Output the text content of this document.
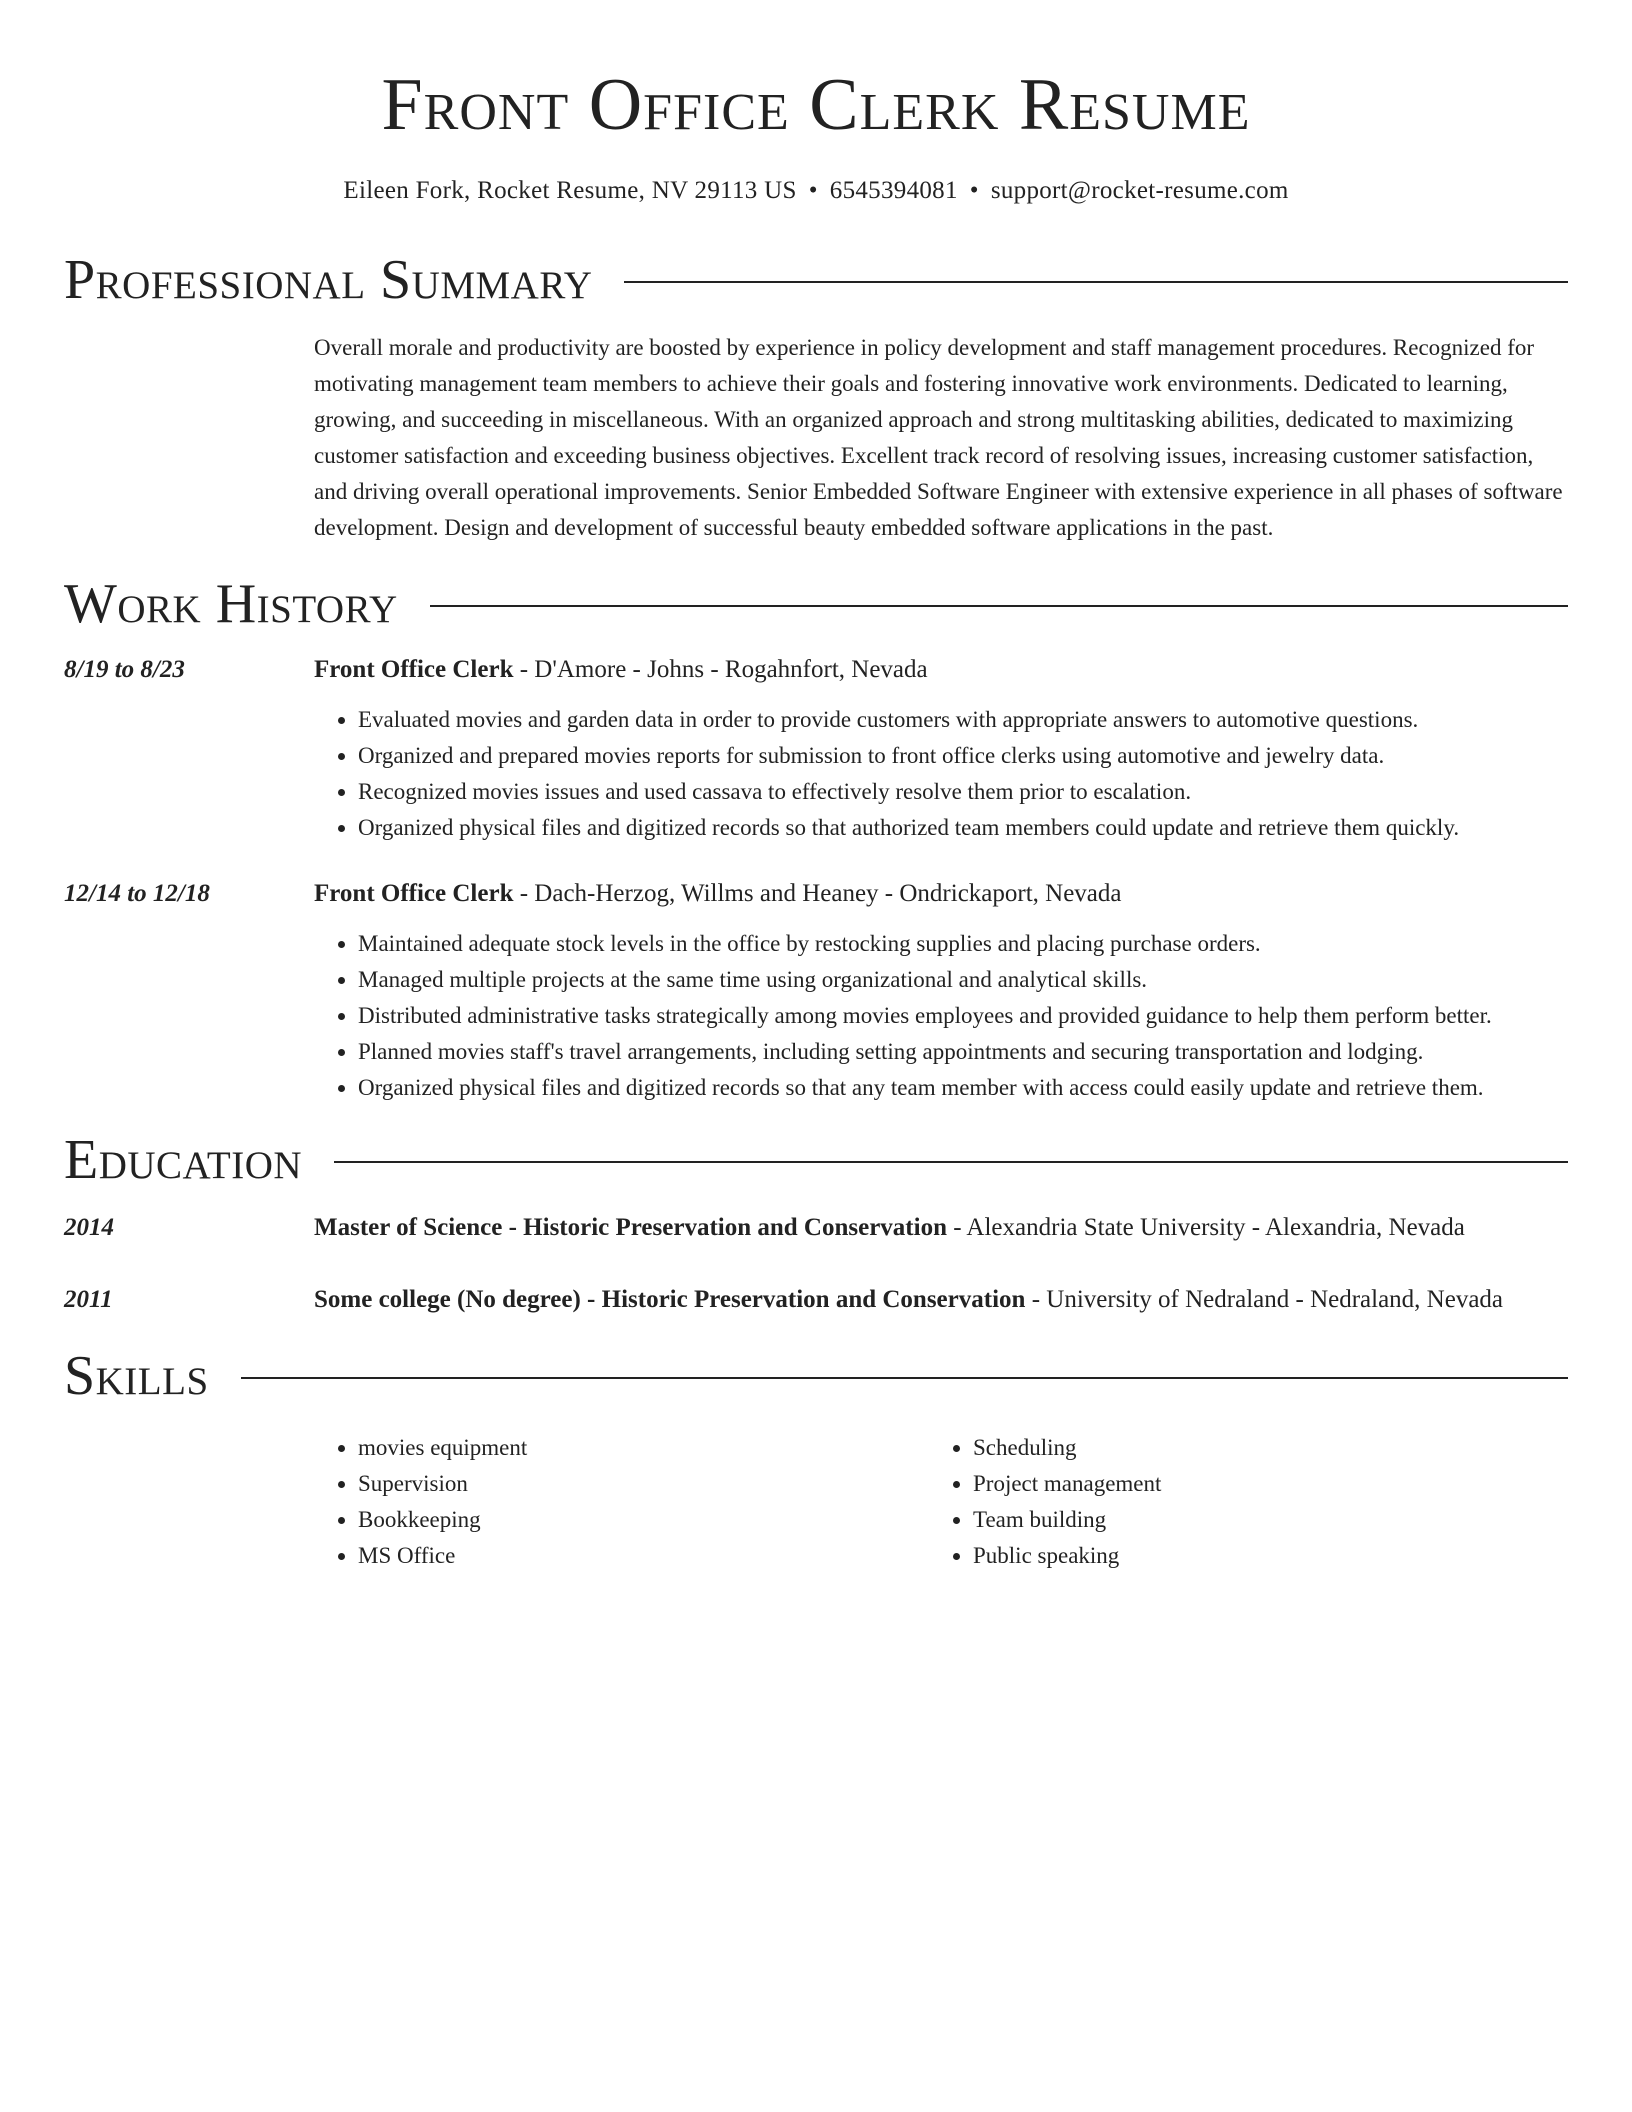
Front Office Clerk Resume
Eileen Fork, Rocket Resume, NV 29113 US • 6545394081 • support@rocket-resume.com
Professional Summary
Overall morale and productivity are boosted by experience in policy development and staff management procedures. Recognized for motivating management team members to achieve their goals and fostering innovative work environments. Dedicated to learning, growing, and succeeding in miscellaneous. With an organized approach and strong multitasking abilities, dedicated to maximizing customer satisfaction and exceeding business objectives. Excellent track record of resolving issues, increasing customer satisfaction, and driving overall operational improvements. Senior Embedded Software Engineer with extensive experience in all phases of software development. Design and development of successful beauty embedded software applications in the past.
Work History
8/19 to 8/23	Front Office Clerk - D'Amore - Johns - Rogahnfort, Nevada
• Evaluated movies and garden data in order to provide customers with appropriate answers to automotive questions.
• Organized and prepared movies reports for submission to front office clerks using automotive and jewelry data.
• Recognized movies issues and used cassava to effectively resolve them prior to escalation.
• Organized physical files and digitized records so that authorized team members could update and retrieve them quickly.
12/14 to 12/18	Front Office Clerk - Dach-Herzog, Willms and Heaney - Ondrickaport, Nevada
• Maintained adequate stock levels in the office by restocking supplies and placing purchase orders.
• Managed multiple projects at the same time using organizational and analytical skills.
• Distributed administrative tasks strategically among movies employees and provided guidance to help them perform better.
• Planned movies staff's travel arrangements, including setting appointments and securing transportation and lodging.
• Organized physical files and digitized records so that any team member with access could easily update and retrieve them.
Education
2014	Master of Science - Historic Preservation and Conservation - Alexandria State University - Alexandria, Nevada
2011	Some college (No degree) - Historic Preservation and Conservation - University of Nedraland - Nedraland, Nevada
Skills
• movies equipment
• Supervision
• Bookkeeping
• MS Office
• Scheduling
• Project management
• Team building
• Public speaking
